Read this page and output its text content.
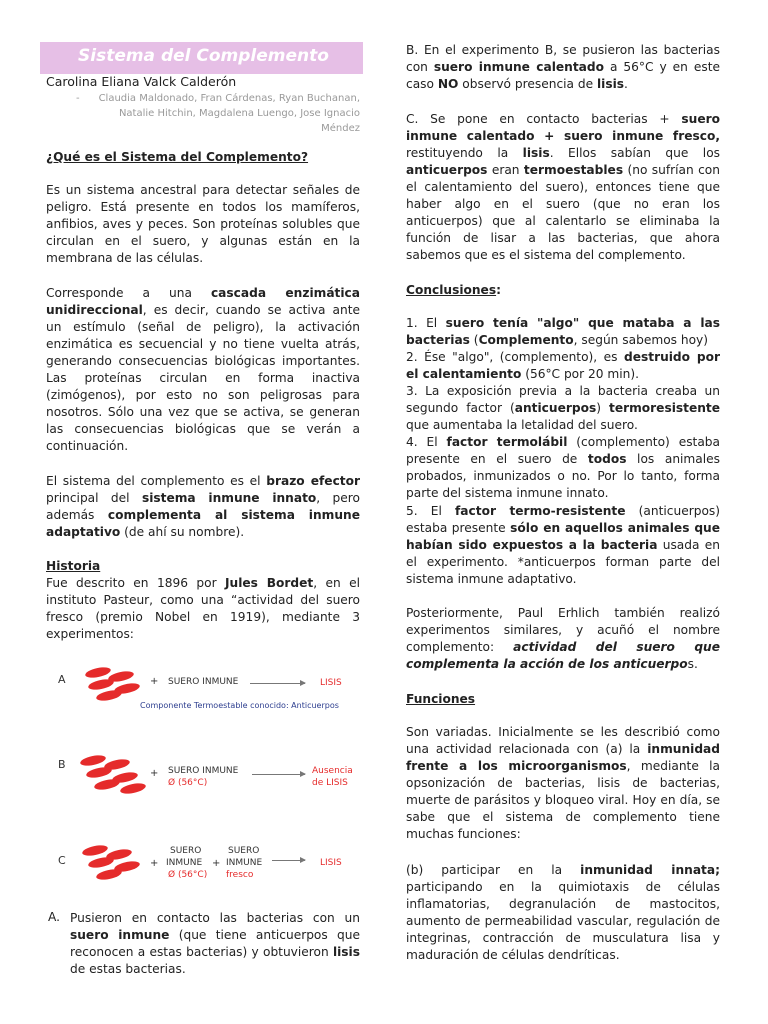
Sistema del Complemento
Carolina Eliana Valck Calderón
-	Claudia Maldonado, Fran Cárdenas, Ryan Buchanan,
Natalie Hitchin, Magdalena Luengo, Jose Ignacio
Méndez

¿Qué es el Sistema del Complemento?

Es un sistema ancestral para detectar señales de peligro. Está presente en todos los mamíferos, anfibios, aves y peces. Son proteínas solubles que circulan en el suero, y algunas están en la membrana de las células.

Corresponde a una cascada enzimática unidireccional, es decir, cuando se activa ante un estímulo (señal de peligro), la activación enzimática es secuencial y no tiene vuelta atrás, generando consecuencias biológicas importantes. Las proteínas circulan en forma inactiva (zimógenos), por esto no son peligrosas para nosotros. Sólo una vez que se activa, se generan las consecuencias biológicas que se verán a continuación.

El sistema del complemento es el brazo efector principal del sistema inmune innato, pero además complementa al sistema inmune adaptativo (de ahí su nombre).

Historia

Fue descrito en 1896 por Jules Bordet, en el instituto Pasteur, como una “actividad del suero fresco (premio Nobel en 1919), mediante 3 experimentos:

A	+ SUERO INMUNE	LISIS
Componente Termoestable conocido: Anticuerpos
B
+ SUERO INMUNE
Ø (56°C)
Ausencia
de LISIS
C	+
SUERO
INMUNE
Ø (56°C)
+
SUERO
INMUNE
fresco
LISIS
A. Pusieron en contacto las bacterias con un suero inmune (que tiene anticuerpos que reconocen a estas bacterias) y obtuvieron lisis de estas bacterias.

B. En el experimento B, se pusieron las bacterias con suero inmune calentado a 56°C y en este caso NO observó presencia de lisis.

C. Se pone en contacto bacterias + suero inmune calentado + suero inmune fresco, restituyendo la lisis. Ellos sabían que los anticuerpos eran termoestables (no sufrían con el calentamiento del suero), entonces tiene que haber algo en el suero (que no eran los anticuerpos) que al calentarlo se eliminaba la función de lisar a las bacterias, que ahora sabemos que es el sistema del complemento.

Conclusiones:

1. El suero tenía "algo" que mataba a las bacterias (Complemento, según sabemos hoy)

2. Ése "algo", (complemento), es destruido por el calentamiento (56°C por 20 min).

3. La exposición previa a la bacteria creaba un segundo factor (anticuerpos) termoresistente que aumentaba la letalidad del suero.

4. El factor termolábil (complemento) estaba presente en el suero de todos los animales probados, inmunizados o no. Por lo tanto, forma parte del sistema inmune innato.

5. El factor termo-resistente (anticuerpos) estaba presente sólo en aquellos animales que habían sido expuestos a la bacteria usada en el experimento. *anticuerpos forman parte del sistema inmune adaptativo.

Posteriormente, Paul Erhlich también realizó experimentos similares, y acuñó el nombre complemento: actividad del suero que complementa la acción de los anticuerpos.

Funciones

Son variadas. Inicialmente se les describió como una actividad relacionada con (a) la inmunidad frente a los microorganismos, mediante la opsonización de bacterias, lisis de bacterias, muerte de parásitos y bloqueo viral. Hoy en día, se sabe que el sistema de complemento tiene muchas funciones:

(b) participar en la inmunidad innata; participando en la quimiotaxis de células inflamatorias, degranulación de mastocitos, aumento de permeabilidad vascular, regulación de integrinas, contracción de musculatura lisa y maduración de células dendríticas.
